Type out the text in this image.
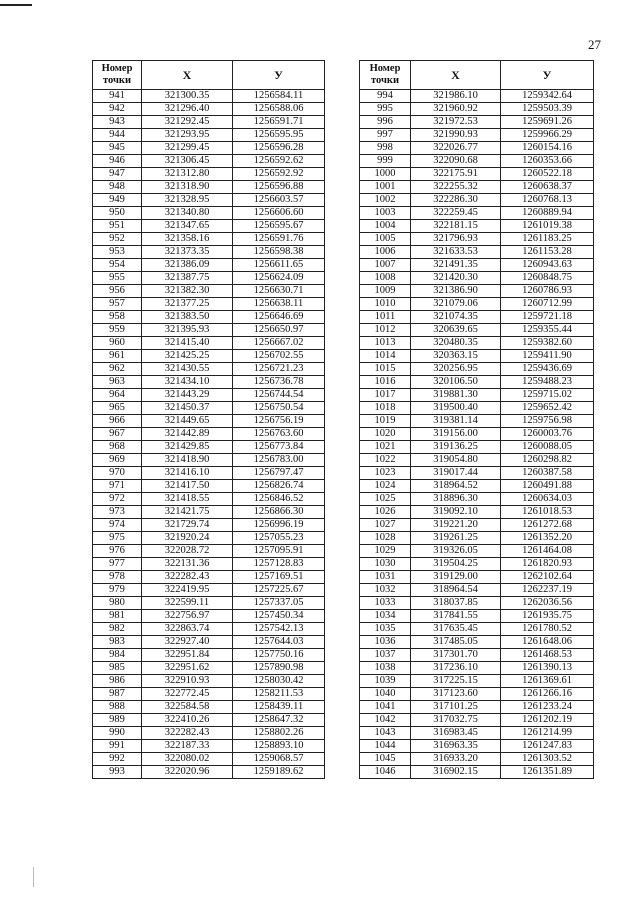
27
Номер точки	Х	У
941	321300.35	1256584.11
942	321296.40	1256588.06
943	321292.45	1256591.71
944	321293.95	1256595.95
945	321299.45	1256596.28
946	321306.45	1256592.62
947	321312.80	1256592.92
948	321318.90	1256596.88
949	321328.95	1256603.57
950	321340.80	1256606.60
951	321347.65	1256595.67
952	321358.16	1256591.76
953	321373.35	1256598.38
954	321386.09	1256611.65
955	321387.75	1256624.09
956	321382.30	1256630.71
957	321377.25	1256638.11
958	321383.50	1256646.69
959	321395.93	1256650.97
960	321415.40	1256667.02
961	321425.25	1256702.55
962	321430.55	1256721.23
963	321434.10	1256736.78
964	321443.29	1256744.54
965	321450.37	1256750.54
966	321449.65	1256756.19
967	321442.89	1256763.60
968	321429.85	1256773.84
969	321418.90	1256783.00
970	321416.10	1256797.47
971	321417.50	1256826.74
972	321418.55	1256846.52
973	321421.75	1256866.30
974	321729.74	1256996.19
975	321920.24	1257055.23
976	322028.72	1257095.91
977	322131.36	1257128.83
978	322282.43	1257169.51
979	322419.95	1257225.67
980	322599.11	1257337.05
981	322756.97	1257450.34
982	322863.74	1257542.13
983	322927.40	1257644.03
984	322951.84	1257750.16
985	322951.62	1257890.98
986	322910.93	1258030.42
987	322772.45	1258211.53
988	322584.58	1258439.11
989	322410.26	1258647.32
990	322282.43	1258802.26
991	322187.33	1258893.10
992	322080.02	1259068.57
993	322020.96	1259189.62
Номер точки	Х	У
994	321986.10	1259342.64
995	321960.92	1259503.39
996	321972.53	1259691.26
997	321990.93	1259966.29
998	322026.77	1260154.16
999	322090.68	1260353.66
1000	322175.91	1260522.18
1001	322255.32	1260638.37
1002	322286.30	1260768.13
1003	322259.45	1260889.94
1004	322181.15	1261019.38
1005	321796.93	1261183.25
1006	321633.53	1261153.28
1007	321491.35	1260943.63
1008	321420.30	1260848.75
1009	321386.90	1260786.93
1010	321079.06	1260712.99
1011	321074.35	1259721.18
1012	320639.65	1259355.44
1013	320480.35	1259382.60
1014	320363.15	1259411.90
1015	320256.95	1259436.69
1016	320106.50	1259488.23
1017	319881.30	1259715.02
1018	319500.40	1259652.42
1019	319381.14	1259756.98
1020	319156.00	1260003.76
1021	319136.25	1260088.05
1022	319054.80	1260298.82
1023	319017.44	1260387.58
1024	318964.52	1260491.88
1025	318896.30	1260634.03
1026	319092.10	1261018.53
1027	319221.20	1261272.68
1028	319261.25	1261352.20
1029	319326.05	1261464.08
1030	319504.25	1261820.93
1031	319129.00	1262102.64
1032	318964.54	1262237.19
1033	318037.85	1262036.56
1034	317841.55	1261935.75
1035	317635.45	1261780.52
1036	317485.05	1261648.06
1037	317301.70	1261468.53
1038	317236.10	1261390.13
1039	317225.15	1261369.61
1040	317123.60	1261266.16
1041	317101.25	1261233.24
1042	317032.75	1261202.19
1043	316983.45	1261214.99
1044	316963.35	1261247.83
1045	316933.20	1261303.52
1046	316902.15	1261351.89
